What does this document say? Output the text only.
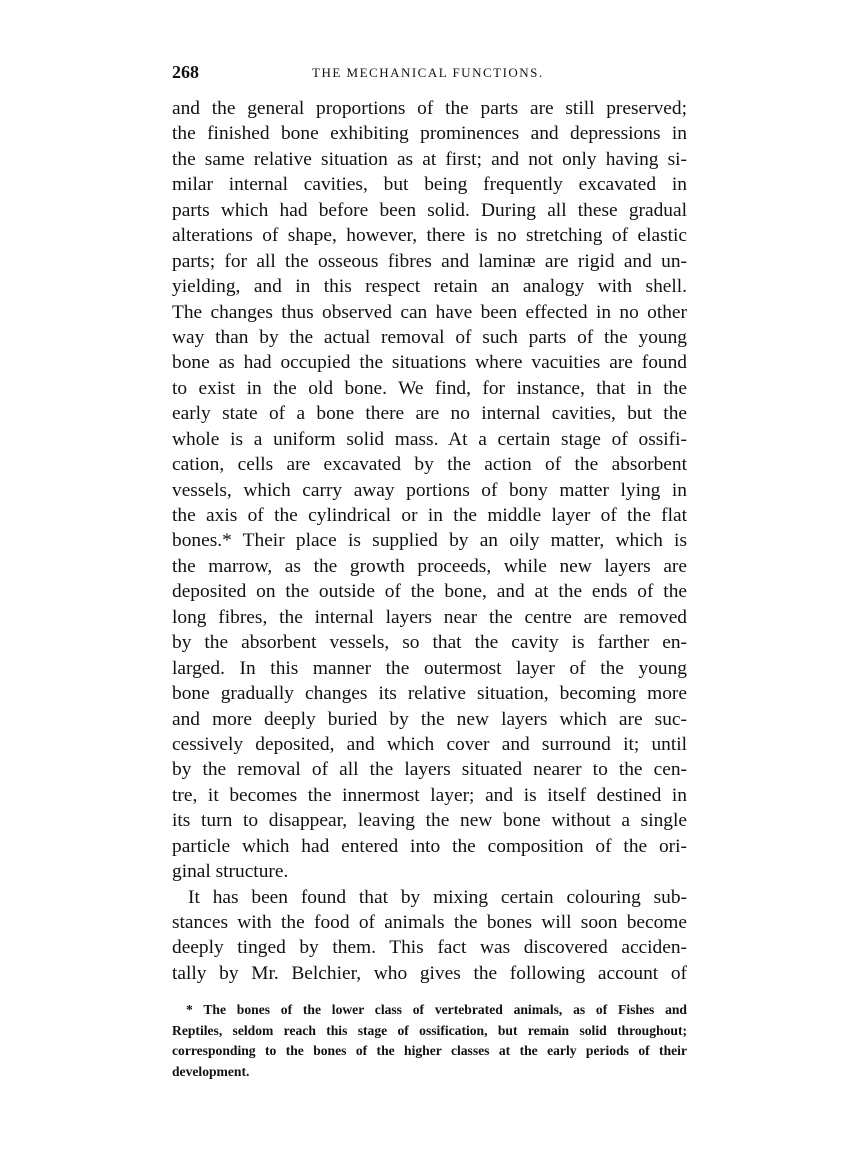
268	THE MECHANICAL FUNCTIONS.
and the general proportions of the parts are still preserved;
the finished bone exhibiting prominences and depressions in
the same relative situation as at first; and not only having si-
milar internal cavities, but being frequently excavated in
parts which had before been solid. During all these gradual
alterations of shape, however, there is no stretching of elastic
parts; for all the osseous fibres and laminæ are rigid and un-
yielding, and in this respect retain an analogy with shell.
The changes thus observed can have been effected in no other
way than by the actual removal of such parts of the young
bone as had occupied the situations where vacuities are found
to exist in the old bone. We find, for instance, that in the
early state of a bone there are no internal cavities, but the
whole is a uniform solid mass. At a certain stage of ossifi-
cation, cells are excavated by the action of the absorbent
vessels, which carry away portions of bony matter lying in
the axis of the cylindrical or in the middle layer of the flat
bones.* Their place is supplied by an oily matter, which is
the marrow, as the growth proceeds, while new layers are
deposited on the outside of the bone, and at the ends of the
long fibres, the internal layers near the centre are removed
by the absorbent vessels, so that the cavity is farther en-
larged. In this manner the outermost layer of the young
bone gradually changes its relative situation, becoming more
and more deeply buried by the new layers which are suc-
cessively deposited, and which cover and surround it; until
by the removal of all the layers situated nearer to the cen-
tre, it becomes the innermost layer; and is itself destined in
its turn to disappear, leaving the new bone without a single
particle which had entered into the composition of the ori-
ginal structure.
It has been found that by mixing certain colouring sub-
stances with the food of animals the bones will soon become
deeply tinged by them. This fact was discovered acciden-
tally by Mr. Belchier, who gives the following account of
* The bones of the lower class of vertebrated animals, as of Fishes and
Reptiles, seldom reach this stage of ossification, but remain solid throughout;
corresponding to the bones of the higher classes at the early periods of their
development.
